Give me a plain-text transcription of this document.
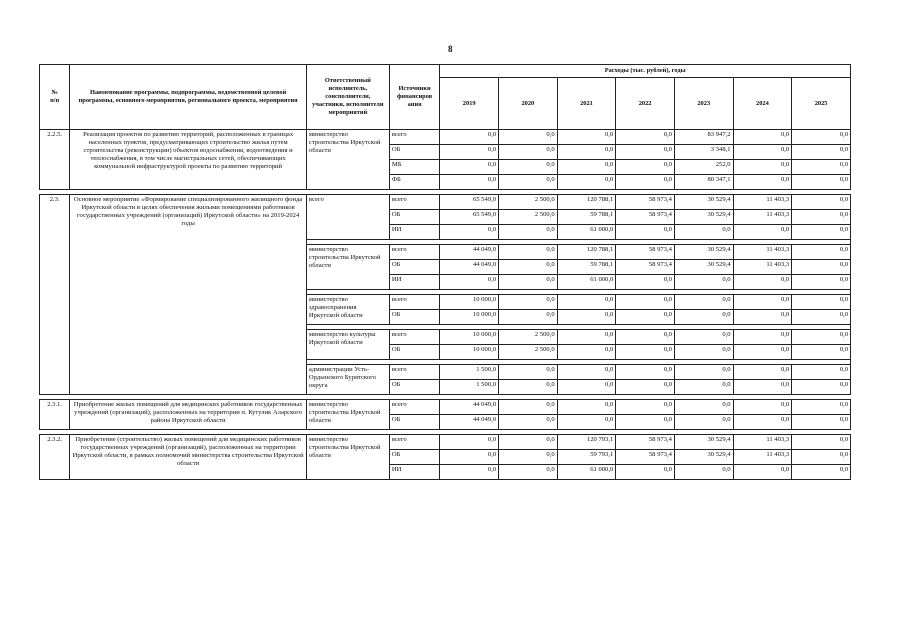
8
№
п/п	Наименование программы, подпрограммы, ведомственной целевой программы, основного мероприятия, регионального проекта, мероприятия	Ответственный исполнитель, соисполнители, участники, исполнители мероприятий	Источники финансиров ания	Расходы (тыс. рублей), годы						
				2019	2020	2021	2022	2023	2024	2025
2.2.5.	Реализация проектов по развитию территорий, расположенных в границах населенных пунктов, предусматривающих строительство жилья путем строительства (реконструкции) объектов водоснабжения, водоотведения и теплоснабжения, в том числе магистральных сетей, обеспечивающих коммунальной инфраструктурой проекты по развитию территорий	министерство строительства Иркутской области	всего	0,0	0,0	0,0	0,0	83 947,2	0,0	0,0
			ОБ	0,0	0,0	0,0	0,0	3 348,1	0,0	0,0
			МБ	0,0	0,0	0,0	0,0	252,0	0,0	0,0
			ФБ	0,0	0,0	0,0	0,0	80 347,1	0,0	0,0

2.3.	Основное мероприятие «Формирование специализированного жилищного фонда Иркутской области в целях обеспечения жилыми помещениями работников государственных учреждений (организаций) Иркутской области» на 2019-2024 годы	всего	всего	65 549,0	2 500,0	120 788,1	58 973,4	30 529,4	11 403,3	0,0
			ОБ	65 549,0	2 500,0	59 788,1	58 973,4	30 529,4	11 403,3	0,0
			ИИ	0,0	0,0	61 000,0	0,0	0,0	0,0	0,0

		министерство строительства Иркутской области	всего	44 049,0	0,0	120 788,1	58 973,4	30 529,4	11 403,3	0,0
			ОБ	44 049,0	0,0	59 788,1	58 973,4	30 529,4	11 403,3	0,0
			ИИ	0,0	0,0	61 000,0	0,0	0,0	0,0	0,0

		министерство здравоохранения Иркутской области	всего	10 000,0	0,0	0,0	0,0	0,0	0,0	0,0
			ОБ	10 000,0	0,0	0,0	0,0	0,0	0,0	0,0

		министерство культуры Иркутской области	всего	10 000,0	2 500,0	0,0	0,0	0,0	0,0	0,0
			ОБ	10 000,0	2 500,0	0,0	0,0	0,0	0,0	0,0

		администрации Усть-Ордынского Бурятского округа	всего	1 500,0	0,0	0,0	0,0	0,0	0,0	0,0
			ОБ	1 500,0	0,0	0,0	0,0	0,0	0,0	0,0

2.3.1.	Приобретение жилых помещений для медицинских работников государственных учреждений (организаций), расположенных на территории п. Кутулик Аларского района Иркутской области	министерство строительства Иркутской области	всего	44 049,0	0,0	0,0	0,0	0,0	0,0	0,0
			ОБ	44 049,0	0,0	0,0	0,0	0,0	0,0	0,0

2.3.2.	Приобретение (строительство) жилых помещений для медицинских работников государственных учреждений (организаций), расположенных на территории Иркутской области, в рамках полномочий министерства строительства Иркутской области	министерство строительства Иркутской области	всего	0,0	0,0	120 793,1	58 973,4	30 529,4	11 403,3	0,0
			ОБ	0,0	0,0	59 793,1	58 973,4	30 529,4	11 403,3	0,0
			ИИ	0,0	0,0	61 000,0	0,0	0,0	0,0	0,0
